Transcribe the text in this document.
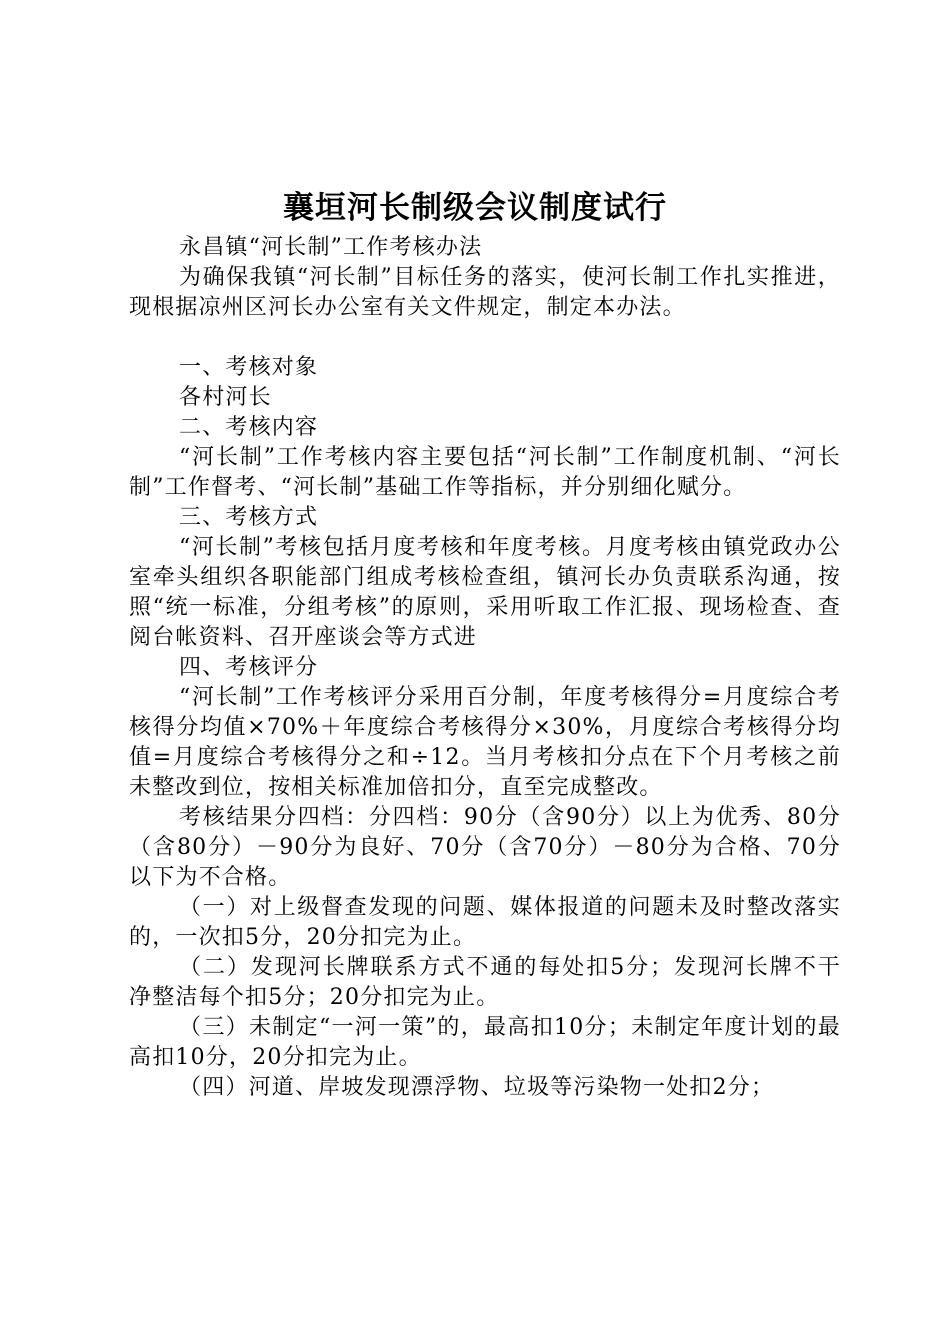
襄垣河长制级会议制度试行

永昌镇“河长制”工作考核办法

为确保我镇“河长制”目标任务的落实，使河长制工作扎实推进，现根据凉州区河长办公室有关文件规定，制定本办法。

一、考核对象

各村河长

二、考核内容

“河长制”工作考核内容主要包括“河长制”工作制度机制、“河长制”工作督考、“河长制”基础工作等指标，并分别细化赋分。

三、考核方式

“河长制”考核包括月度考核和年度考核。月度考核由镇党政办公室牵头组织各职能部门组成考核检查组，镇河长办负责联系沟通，按照“统一标准，分组考核”的原则，采用听取工作汇报、现场检查、查阅台帐资料、召开座谈会等方式进

四、考核评分

“河长制”工作考核评分采用百分制，年度考核得分=月度综合考核得分均值×70%＋年度综合考核得分×30%，月度综合考核得分均值=月度综合考核得分之和÷12。当月考核扣分点在下个月考核之前未整改到位，按相关标准加倍扣分，直至完成整改。

考核结果分四档：分四档：90分（含90分）以上为优秀、80分（含80分）－90分为良好、70分（含70分）－80分为合格、70分以下为不合格。

（一）对上级督查发现的问题、媒体报道的问题未及时整改落实的，一次扣5分，20分扣完为止。

（二）发现河长牌联系方式不通的每处扣5分；发现河长牌不干净整洁每个扣5分；20分扣完为止。

（三）未制定“一河一策”的，最高扣10分；未制定年度计划的最高扣10分，20分扣完为止。

（四）河道、岸坡发现漂浮物、垃圾等污染物一处扣2分；
